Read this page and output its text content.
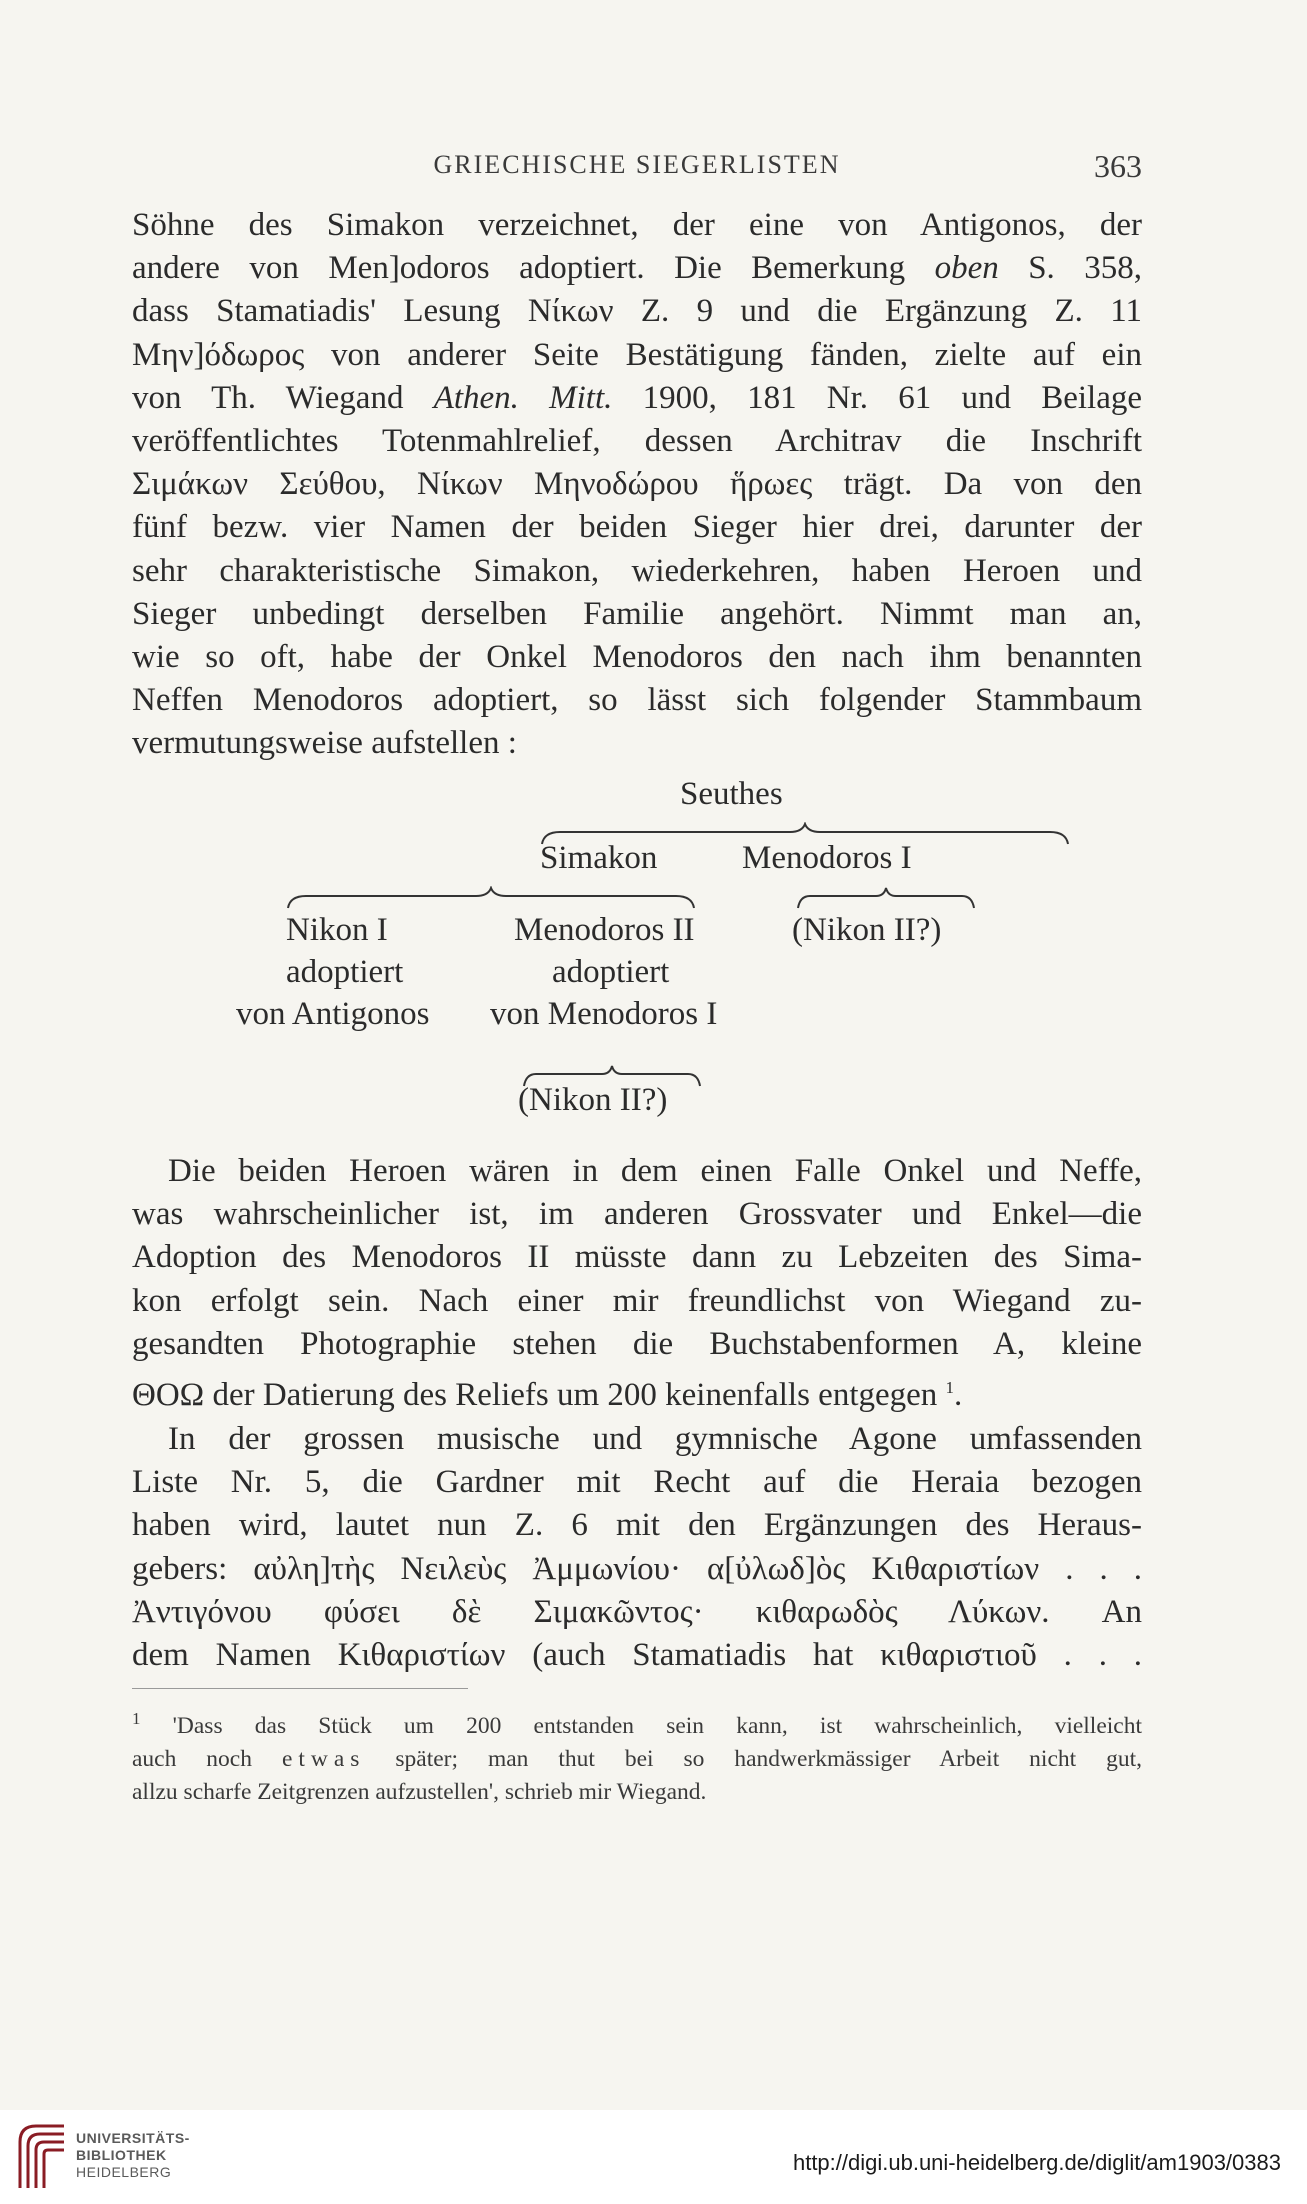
GRIECHISCHE SIEGERLISTEN	363
Söhne des Simakon verzeichnet, der eine von Antigonos, der
andere von Men]odoros adoptiert. Die Bemerkung oben S. 358,
dass Stamatiadis' Lesung Νίκων Z. 9 und die Ergänzung Z. 11
Μην]όδωρος von anderer Seite Bestätigung fänden, zielte auf ein
von Th. Wiegand Athen. Mitt. 1900, 181 Nr. 61 und Beilage
veröffentlichtes Totenmahlrelief, dessen Architrav die Inschrift
Σιμάκων Σεύθου, Νίκων Μηνοδώρου ἥρωες trägt. Da von den
fünf bezw. vier Namen der beiden Sieger hier drei, darunter der
sehr charakteristische Simakon, wiederkehren, haben Heroen und
Sieger unbedingt derselben Familie angehört. Nimmt man an,
wie so oft, habe der Onkel Menodoros den nach ihm benannten
Neffen Menodoros adoptiert, so lässt sich folgender Stammbaum
vermutungsweise aufstellen :
Seuthes
Simakon	Menodoros I
Nikon I	Menodoros II	(Nikon II?)
adoptiert	adoptiert
von Antigonos von Menodoros I
(Nikon II?)
Die beiden Heroen wären in dem einen Falle Onkel und Neffe,
was wahrscheinlicher ist, im anderen Grossvater und Enkel—die
Adoption des Menodoros II müsste dann zu Lebzeiten des Sima-
kon erfolgt sein. Nach einer mir freundlichst von Wiegand zu-
gesandten Photographie stehen die Buchstabenformen A, kleine
ΘΟΩ der Datierung des Reliefs um 200 keinenfalls entgegen $^1$.
In der grossen musische und gymnische Agone umfassenden
Liste Nr. 5, die Gardner mit Recht auf die Heraia bezogen
haben wird, lautet nun Z. 6 mit den Ergänzungen des Heraus-
gebers: αὐλη]τὴς Νειλεὺς Ἀμμωνίου· α[ὐλωδ]ὸς Κιθαριστίων . . .
Ἀντιγόνου φύσει δὲ Σιμακῶντος· κιθαρωδὸς Λύκων. An
dem Namen Κιθαριστίων (auch Stamatiadis hat κιθαριστιοῦ . . .
$^1$ 'Dass das Stück um 200 entstanden sein kann, ist wahrscheinlich, vielleicht
auch noch etwas später; man thut bei so handwerkmässiger Arbeit nicht gut,
allzu scharfe Zeitgrenzen aufzustellen', schrieb mir Wiegand.
UNIVERSITÄTS-
BIBLIOTHEK
HEIDELBERG	http://digi.ub.uni-heidelberg.de/diglit/am1903/0383
